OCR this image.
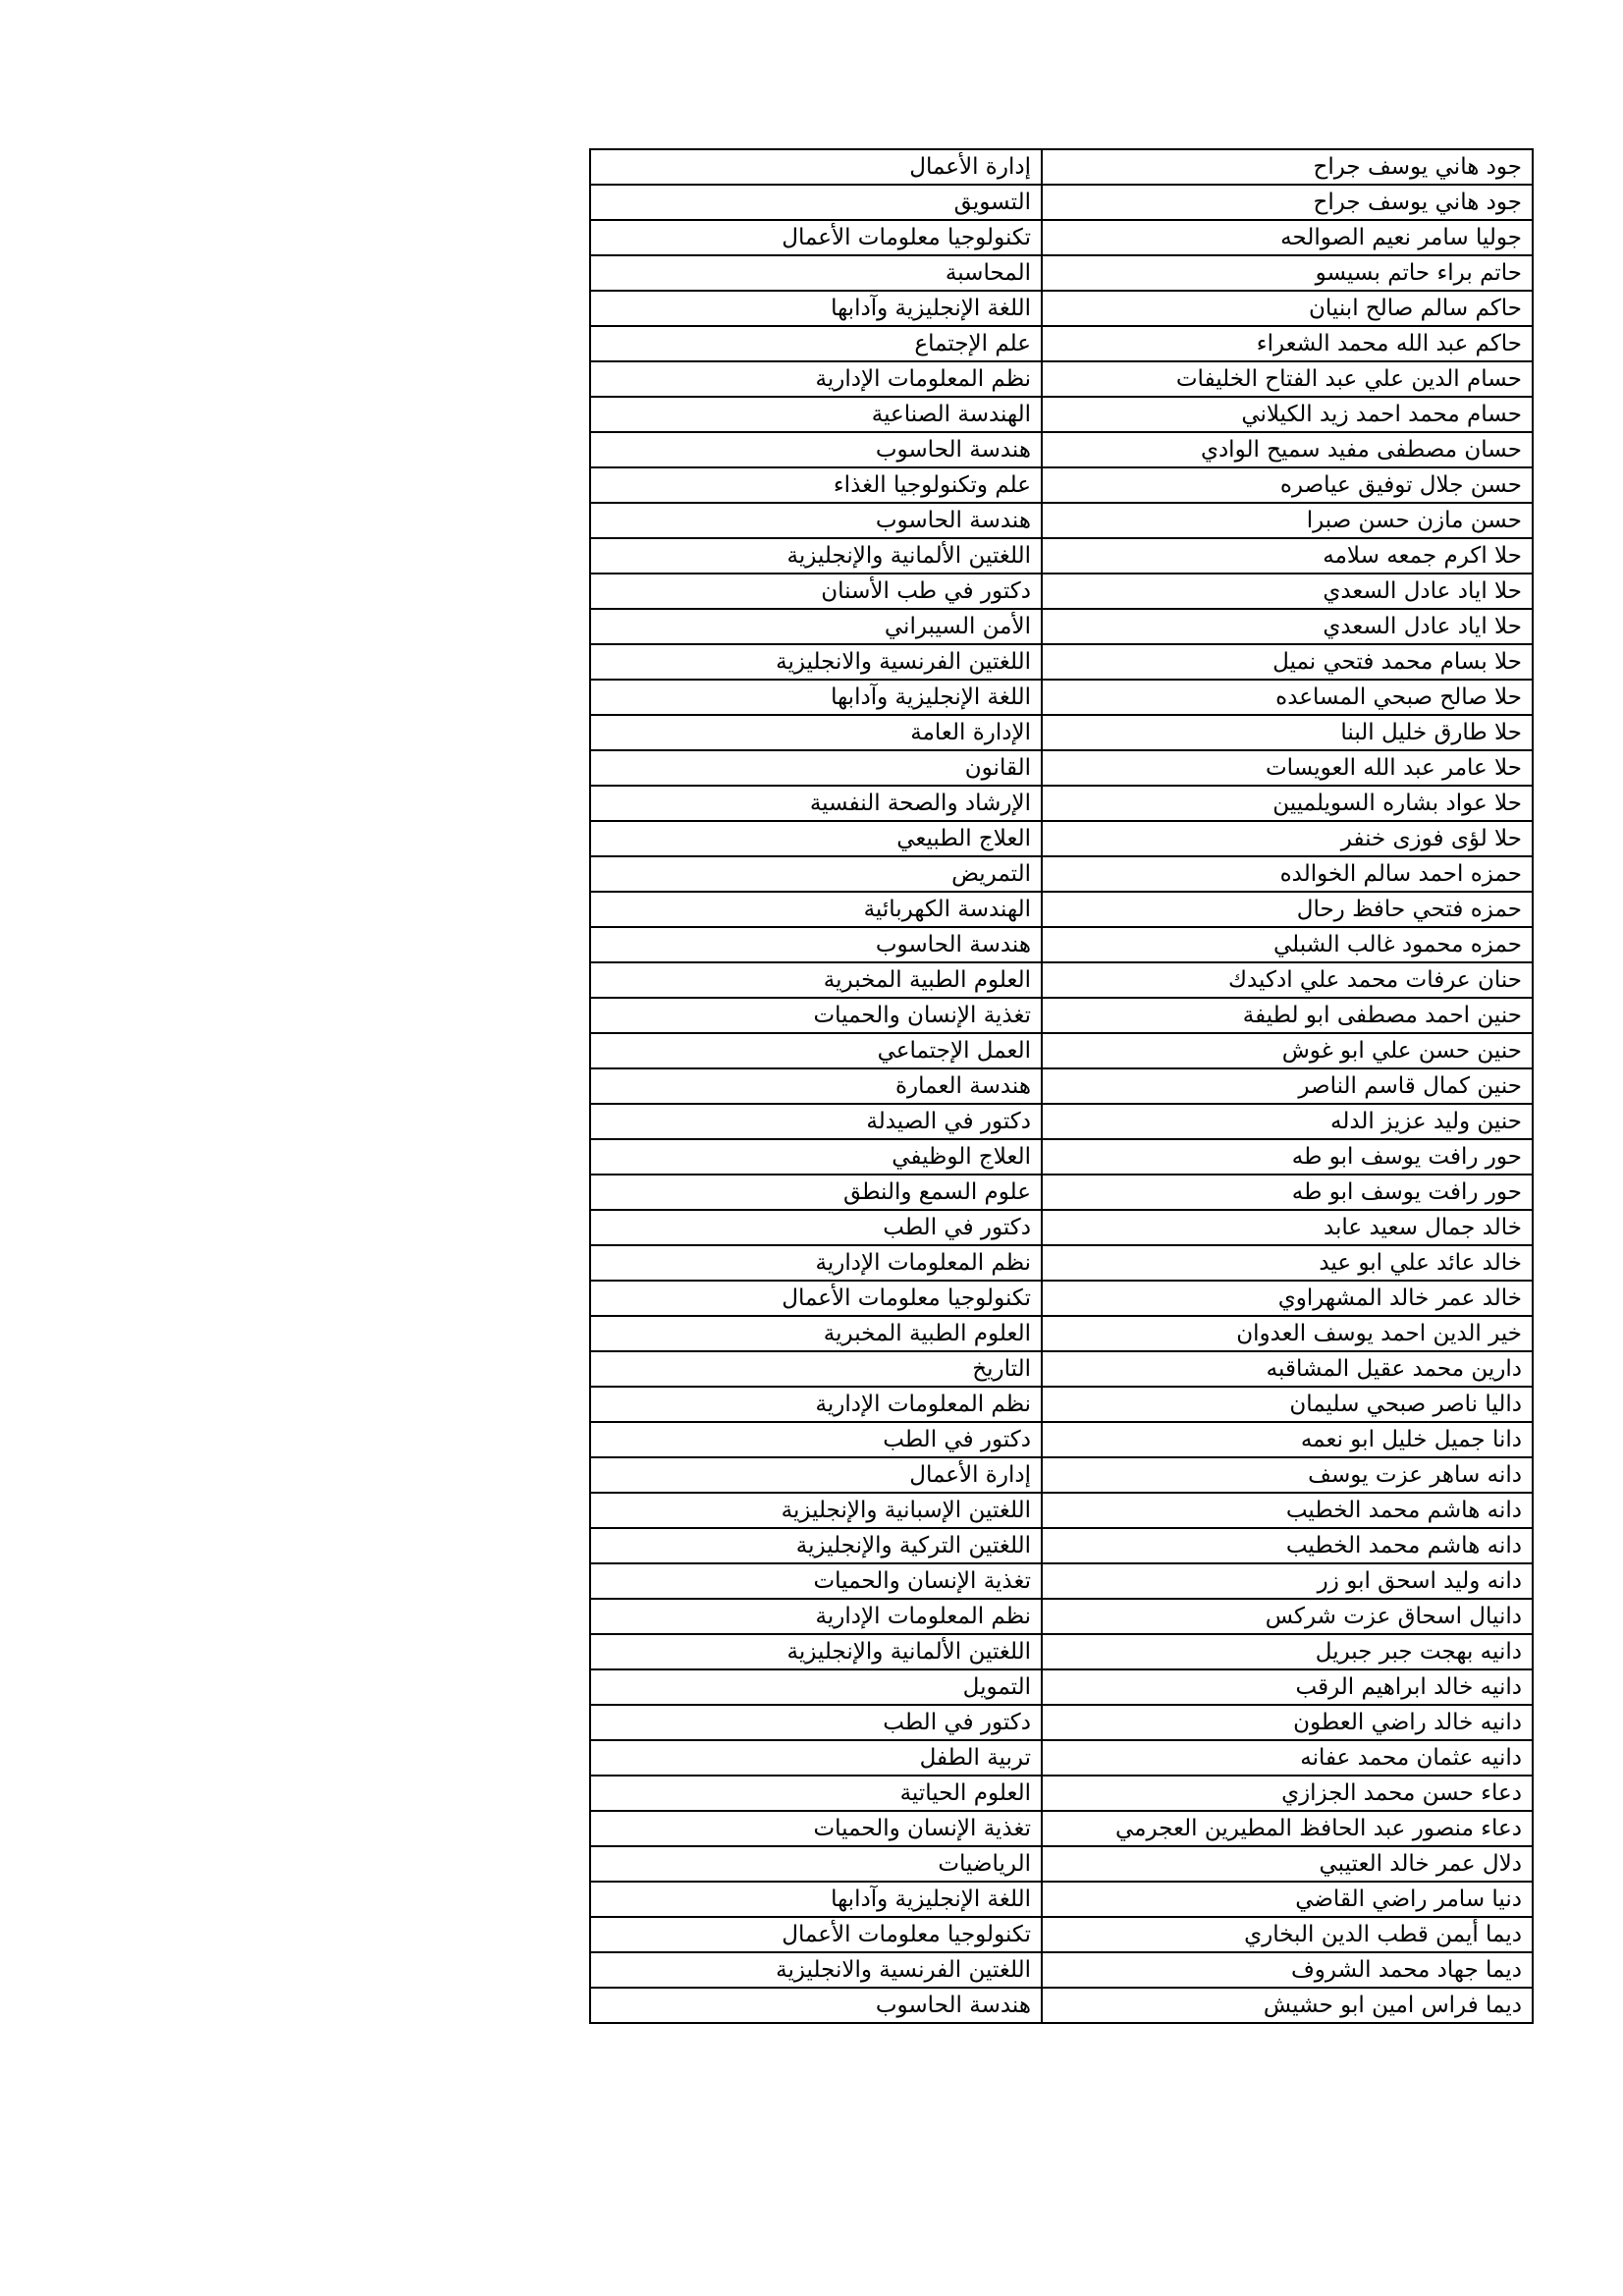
جود هاني يوسف جراح	إدارة الأعمال
جود هاني يوسف جراح	التسويق
جوليا سامر نعيم الصوالحه	تكنولوجيا معلومات الأعمال
حاتم براء حاتم بسيسو	المحاسبة
حاكم سالم صالح ابنيان	اللغة الإنجليزية وآدابها
حاكم عبد الله محمد الشعراء	علم الإجتماع
حسام الدين علي عبد الفتاح الخليفات	نظم المعلومات الإدارية
حسام محمد احمد زيد الكيلاني	الهندسة الصناعية
حسان مصطفى مفيد سميح الوادي	هندسة الحاسوب
حسن جلال توفيق عياصره	علم وتكنولوجيا الغذاء
حسن مازن حسن صبرا	هندسة الحاسوب
حلا اكرم جمعه سلامه	اللغتين الألمانية والإنجليزية
حلا اياد عادل السعدي	دكتور في طب الأسنان
حلا اياد عادل السعدي	الأمن السيبراني
حلا بسام محمد فتحي نميل	اللغتين الفرنسية والانجليزية
حلا صالح صبحي المساعده	اللغة الإنجليزية وآدابها
حلا طارق خليل البنا	الإدارة العامة
حلا عامر عبد الله العويسات	القانون
حلا عواد بشاره السويلميين	الإرشاد والصحة النفسية
حلا لؤى فوزى خنفر	العلاج الطبيعي
حمزه احمد سالم الخوالده	التمريض
حمزه فتحي حافظ رحال	الهندسة الكهربائية
حمزه محمود غالب الشبلي	هندسة الحاسوب
حنان عرفات محمد علي ادكيدك	العلوم الطبية المخبرية
حنين احمد مصطفى ابو لطيفة	تغذية الإنسان والحميات
حنين حسن علي ابو غوش	العمل الإجتماعي
حنين كمال قاسم الناصر	هندسة العمارة
حنين وليد عزيز الدله	دكتور في الصيدلة
حور رافت يوسف ابو طه	العلاج الوظيفي
حور رافت يوسف ابو طه	علوم السمع والنطق
خالد جمال سعيد عابد	دكتور في الطب
خالد عائد علي ابو عيد	نظم المعلومات الإدارية
خالد عمر خالد المشهراوي	تكنولوجيا معلومات الأعمال
خير الدين احمد يوسف العدوان	العلوم الطبية المخبرية
دارين محمد عقيل المشاقبه	التاريخ
داليا ناصر صبحي سليمان	نظم المعلومات الإدارية
دانا جميل خليل ابو نعمه	دكتور في الطب
دانه ساهر عزت يوسف	إدارة الأعمال
دانه هاشم محمد الخطيب	اللغتين الإسبانية والإنجليزية
دانه هاشم محمد الخطيب	اللغتين التركية والإنجليزية
دانه وليد اسحق ابو زر	تغذية الإنسان والحميات
دانيال اسحاق عزت شركس	نظم المعلومات الإدارية
دانيه بهجت جبر جبريل	اللغتين الألمانية والإنجليزية
دانيه خالد ابراهيم الرقب	التمويل
دانيه خالد راضي العطون	دكتور في الطب
دانيه عثمان محمد عفانه	تربية الطفل
دعاء حسن محمد الجزازي	العلوم الحياتية
دعاء منصور عبد الحافظ المطيرين العجرمي	تغذية الإنسان والحميات
دلال عمر خالد العتيبي	الرياضيات
دنيا سامر راضي القاضي	اللغة الإنجليزية وآدابها
ديما أيمن قطب الدين البخاري	تكنولوجيا معلومات الأعمال
ديما جهاد محمد الشروف	اللغتين الفرنسية والانجليزية
ديما فراس امين ابو حشيش	هندسة الحاسوب
